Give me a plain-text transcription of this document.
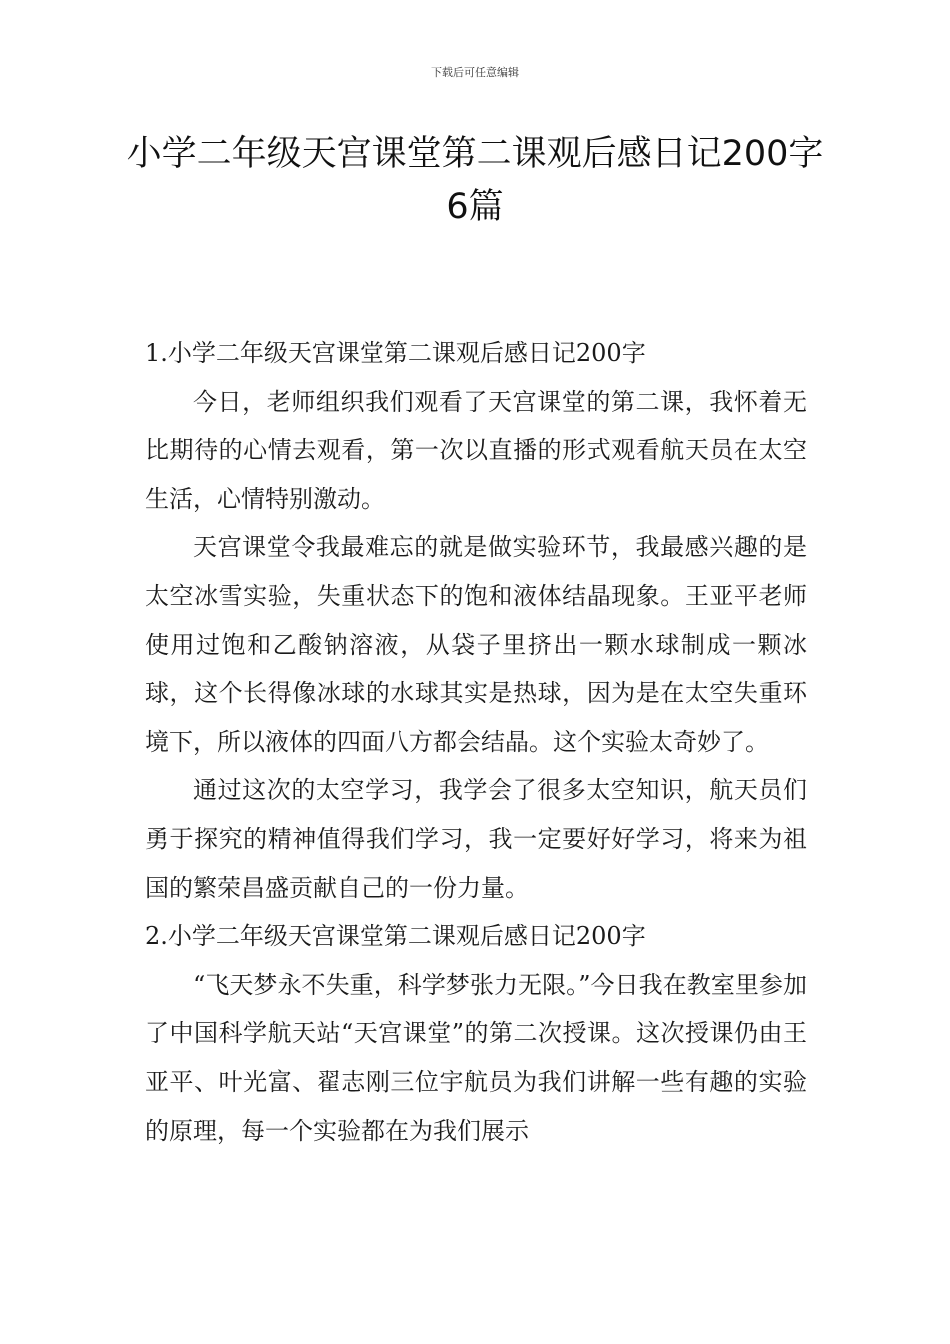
下载后可任意编辑
小学二年级天宫课堂第二课观后感日记200字6篇

1.小学二年级天宫课堂第二课观后感日记200字

今日，老师组织我们观看了天宫课堂的第二课，我怀着无比期待的心情去观看，第一次以直播的形式观看航天员在太空生活，心情特别激动。

天宫课堂令我最难忘的就是做实验环节，我最感兴趣的是太空冰雪实验，失重状态下的饱和液体结晶现象。王亚平老师使用过饱和乙酸钠溶液，从袋子里挤出一颗水球制成一颗冰球，这个长得像冰球的水球其实是热球，因为是在太空失重环境下，所以液体的四面八方都会结晶。这个实验太奇妙了。

通过这次的太空学习，我学会了很多太空知识，航天员们勇于探究的精神值得我们学习，我一定要好好学习，将来为祖国的繁荣昌盛贡献自己的一份力量。

2.小学二年级天宫课堂第二课观后感日记200字

“飞天梦永不失重，科学梦张力无限。”今日我在教室里参加了中国科学航天站“天宫课堂”的第二次授课。这次授课仍由王亚平、叶光富、翟志刚三位宇航员为我们讲解一些有趣的实验的原理，每一个实验都在为我们展示
